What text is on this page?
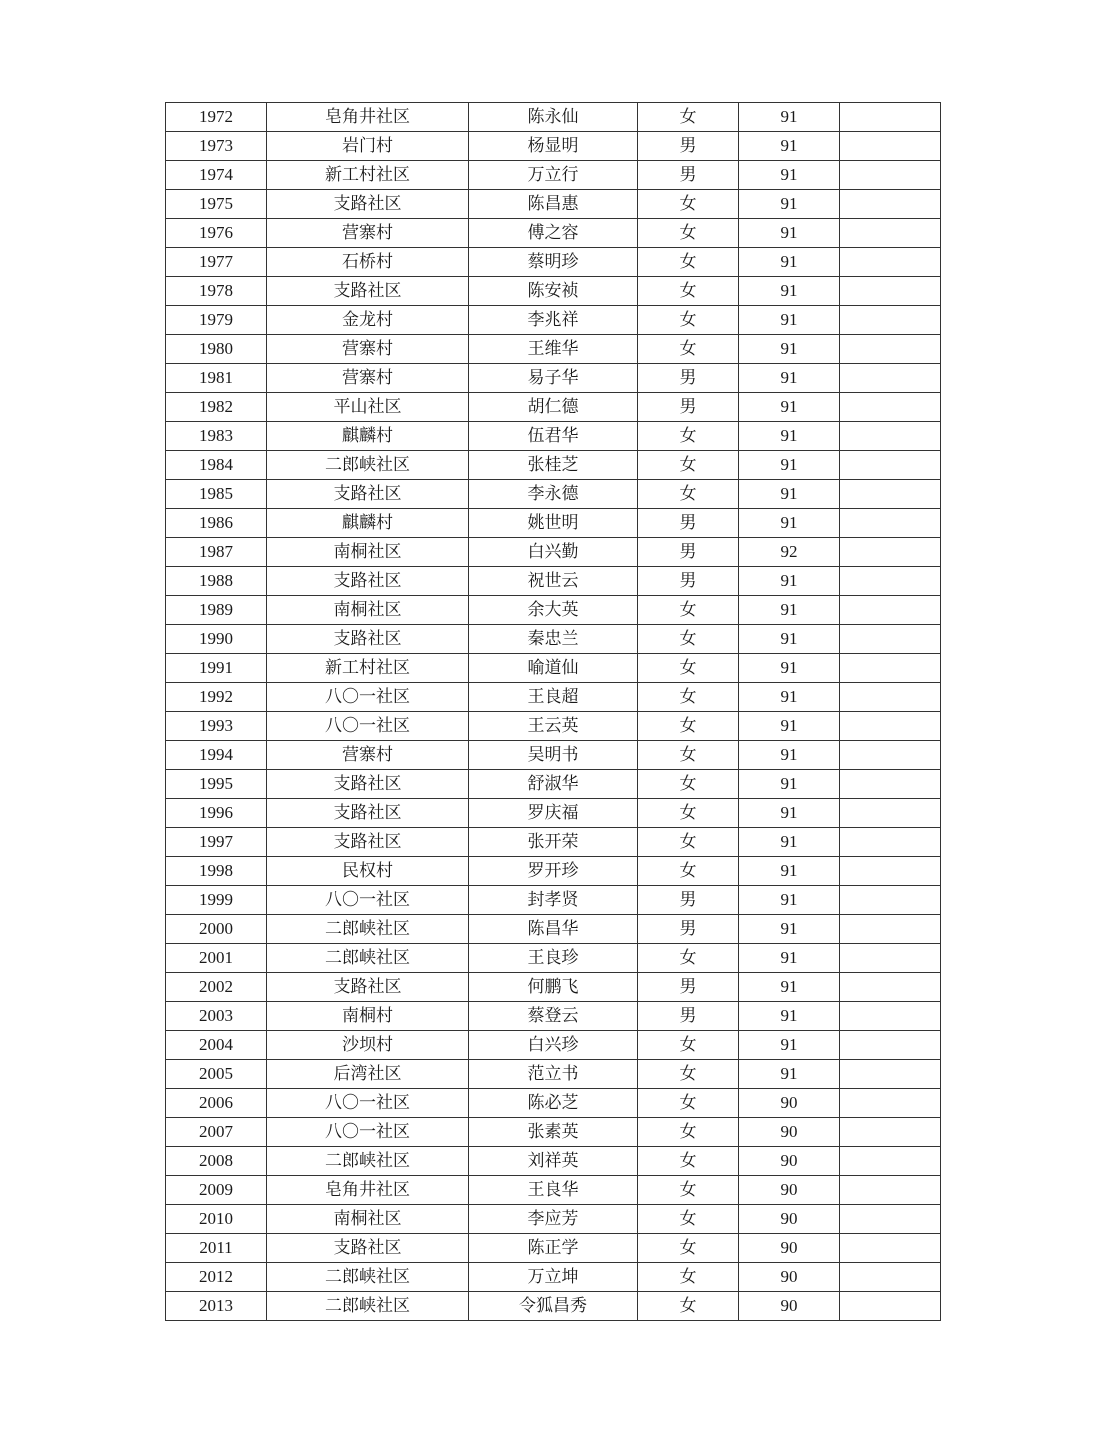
1972	皂角井社区	陈永仙	女	91	
1973	岩门村	杨显明	男	91	
1974	新工村社区	万立行	男	91	
1975	支路社区	陈昌惠	女	91	
1976	营寨村	傅之容	女	91	
1977	石桥村	蔡明珍	女	91	
1978	支路社区	陈安祯	女	91	
1979	金龙村	李兆祥	女	91	
1980	营寨村	王维华	女	91	
1981	营寨村	易子华	男	91	
1982	平山社区	胡仁德	男	91	
1983	麒麟村	伍君华	女	91	
1984	二郎峡社区	张桂芝	女	91	
1985	支路社区	李永德	女	91	
1986	麒麟村	姚世明	男	91	
1987	南桐社区	白兴勤	男	92	
1988	支路社区	祝世云	男	91	
1989	南桐社区	余大英	女	91	
1990	支路社区	秦忠兰	女	91	
1991	新工村社区	喻道仙	女	91	
1992	八〇一社区	王良超	女	91	
1993	八〇一社区	王云英	女	91	
1994	营寨村	吴明书	女	91	
1995	支路社区	舒淑华	女	91	
1996	支路社区	罗庆福	女	91	
1997	支路社区	张开荣	女	91	
1998	民权村	罗开珍	女	91	
1999	八〇一社区	封孝贤	男	91	
2000	二郎峡社区	陈昌华	男	91	
2001	二郎峡社区	王良珍	女	91	
2002	支路社区	何鹏飞	男	91	
2003	南桐村	蔡登云	男	91	
2004	沙坝村	白兴珍	女	91	
2005	后湾社区	范立书	女	91	
2006	八〇一社区	陈必芝	女	90	
2007	八〇一社区	张素英	女	90	
2008	二郎峡社区	刘祥英	女	90	
2009	皂角井社区	王良华	女	90	
2010	南桐社区	李应芳	女	90	
2011	支路社区	陈正学	女	90	
2012	二郎峡社区	万立坤	女	90	
2013	二郎峡社区	令狐昌秀	女	90	
